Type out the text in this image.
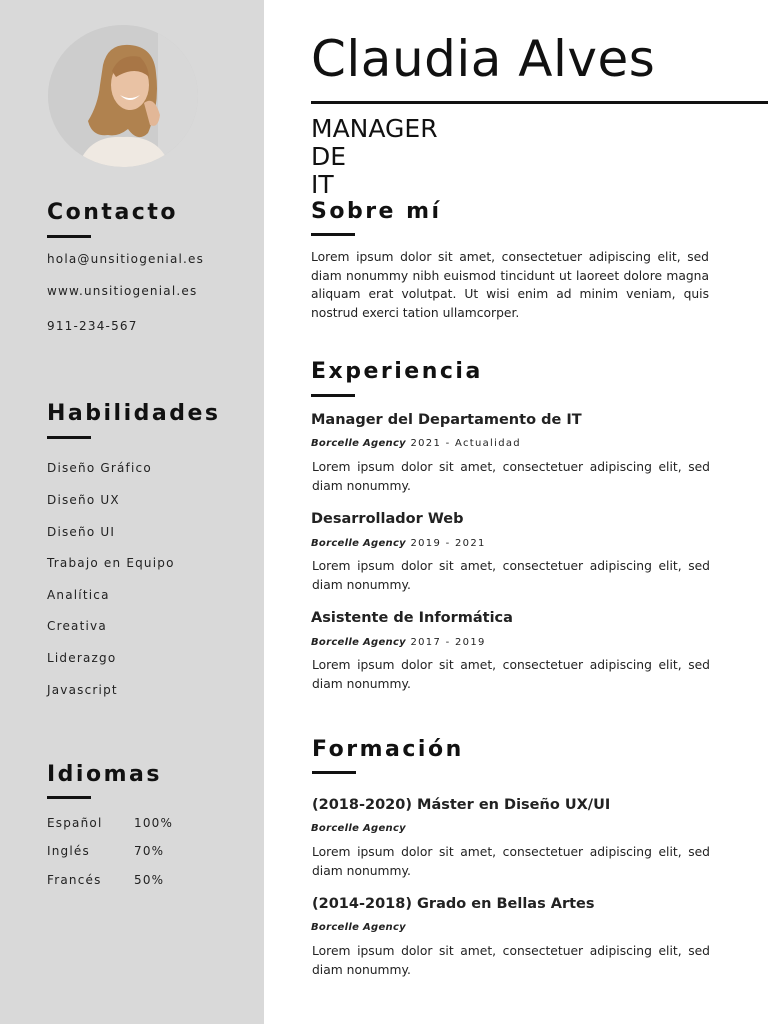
Contacto
hola@unsitiogenial.es
www.unsitiogenial.es
911-234-567
Habilidades
Diseño Gráfico
Diseño UX
Diseño UI
Trabajo en Equipo
Analítica
Creativa
Liderazgo
Javascript
Idiomas
Español	100%
Inglés	70%
Francés	50%
Claudia Alves
MANAGER
DE
IT
Sobre mí

Lorem ipsum dolor sit amet, consectetuer adipiscing elit, sed diam nonummy nibh euismod tincidunt ut laoreet dolore magna aliquam erat volutpat. Ut wisi enim ad minim veniam, quis nostrud exerci tation ullamcorper.

Experiencia
Manager del Departamento de IT
Borcelle Agency 2021 - Actualidad

Lorem ipsum dolor sit amet, consectetuer adipiscing elit, sed diam nonummy.

Desarrollador Web
Borcelle Agency 2019 - 2021

Lorem ipsum dolor sit amet, consectetuer adipiscing elit, sed diam nonummy.

Asistente de Informática
Borcelle Agency 2017 - 2019

Lorem ipsum dolor sit amet, consectetuer adipiscing elit, sed diam nonummy.

Formación
(2018-2020) Máster en Diseño UX/UI
Borcelle Agency

Lorem ipsum dolor sit amet, consectetuer adipiscing elit, sed diam nonummy.

(2014-2018) Grado en Bellas Artes
Borcelle Agency

Lorem ipsum dolor sit amet, consectetuer adipiscing elit, sed diam nonummy.
